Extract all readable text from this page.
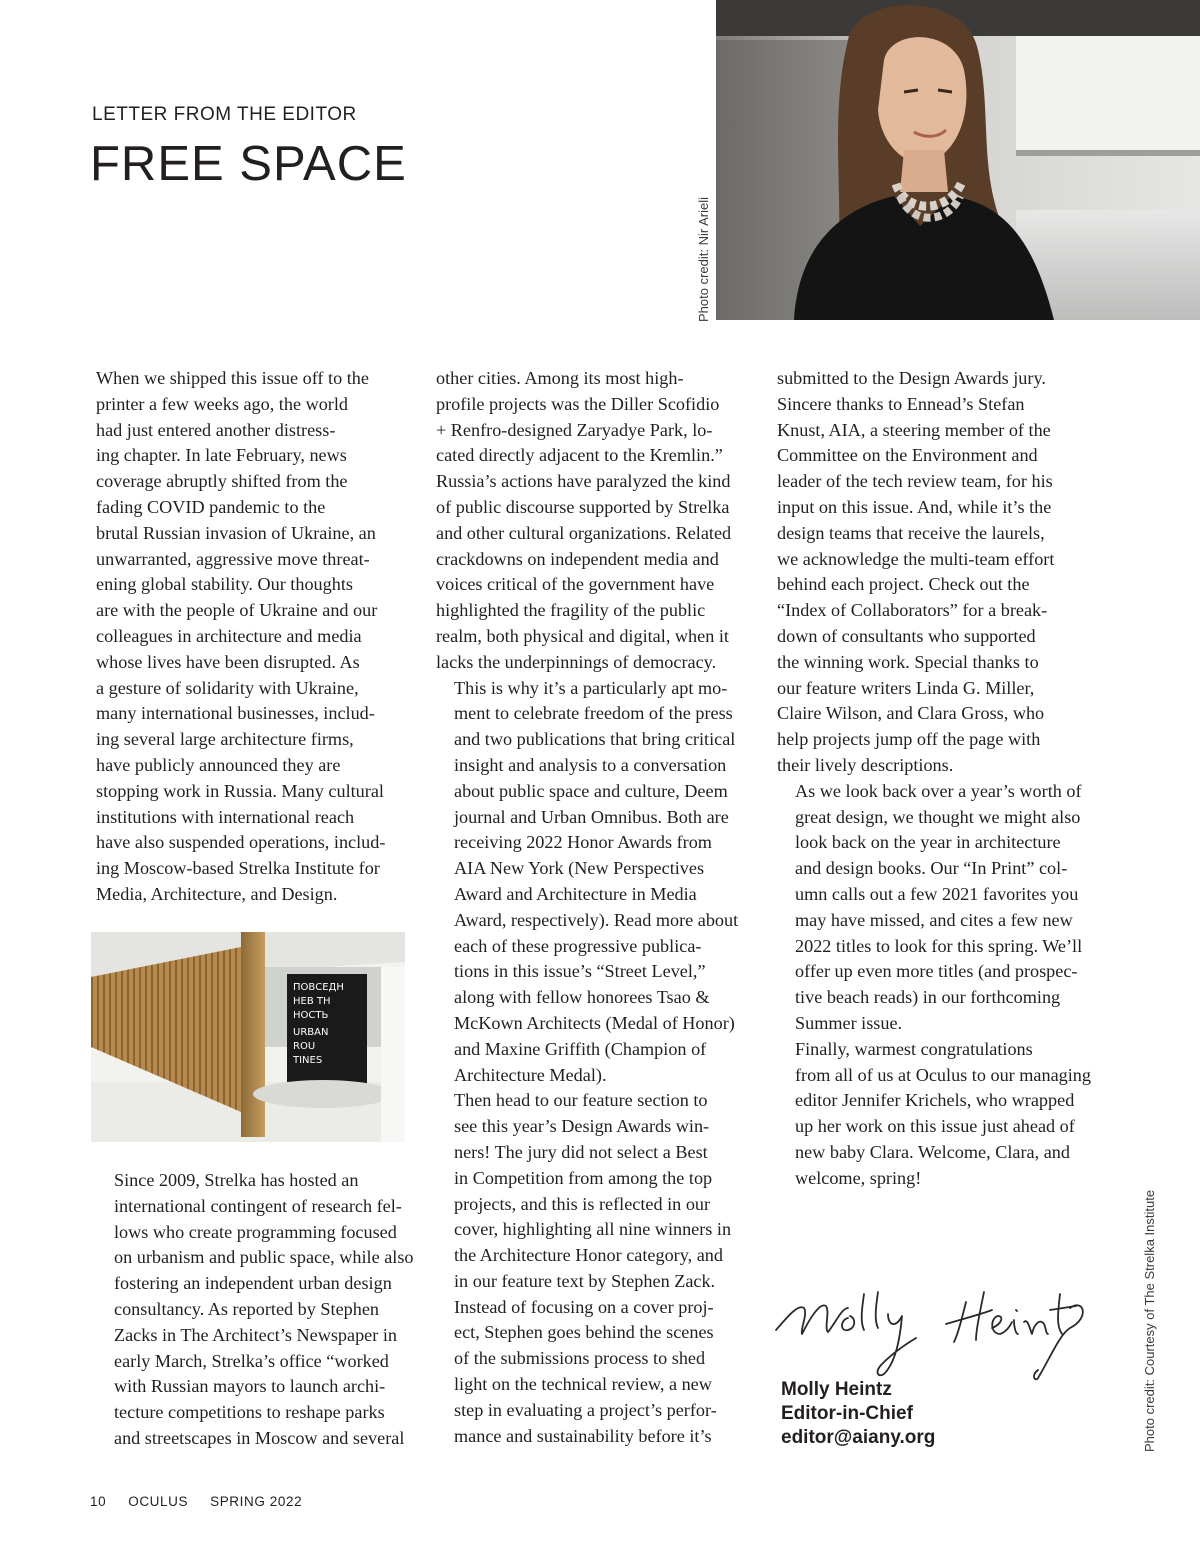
LETTER FROM THE EDITOR
FREE SPACE
Photo credit: Nir Arieli

When we shipped this issue off to the
printer a few weeks ago, the world
had just entered another distress-
ing chapter. In late February, news
coverage abruptly shifted from the
fading COVID pandemic to the
brutal Russian invasion of Ukraine, an
unwarranted, aggressive move threat-
ening global stability. Our thoughts
are with the people of Ukraine and our
colleagues in architecture and media
whose lives have been disrupted. As
a gesture of solidarity with Ukraine,
many international businesses, includ-
ing several large architecture firms,
have publicly announced they are
stopping work in Russia. Many cultural
institutions with international reach
have also suspended operations, includ-
ing Moscow-based Strelka Institute for
Media, Architecture, and Design.

ПОВСЕДН
НЕВ ТН
НОСТЬ
URBAN
ROU
TINES

Since 2009, Strelka has hosted an
international contingent of research fel-
lows who create programming focused
on urbanism and public space, while also
fostering an independent urban design
consultancy. As reported by Stephen
Zacks in The Architect’s Newspaper in
early March, Strelka’s office “worked
with Russian mayors to launch archi-
tecture competitions to reshape parks
and streetscapes in Moscow and several

other cities. Among its most high-
profile projects was the Diller Scofidio
+ Renfro-designed Zaryadye Park, lo-
cated directly adjacent to the Kremlin.”
Russia’s actions have paralyzed the kind
of public discourse supported by Strelka
and other cultural organizations. Related
crackdowns on independent media and
voices critical of the government have
highlighted the fragility of the public
realm, both physical and digital, when it
lacks the underpinnings of democracy.

This is why it’s a particularly apt mo-
ment to celebrate freedom of the press
and two publications that bring critical
insight and analysis to a conversation
about public space and culture, Deem
journal and Urban Omnibus. Both are
receiving 2022 Honor Awards from
AIA New York (New Perspectives
Award and Architecture in Media
Award, respectively). Read more about
each of these progressive publica-
tions in this issue’s “Street Level,”
along with fellow honorees Tsao &
McKown Architects (Medal of Honor)
and Maxine Griffith (Champion of
Architecture Medal).

Then head to our feature section to
see this year’s Design Awards win-
ners! The jury did not select a Best
in Competition from among the top
projects, and this is reflected in our
cover, highlighting all nine winners in
the Architecture Honor category, and
in our feature text by Stephen Zack.
Instead of focusing on a cover proj-
ect, Stephen goes behind the scenes
of the submissions process to shed
light on the technical review, a new
step in evaluating a project’s perfor-
mance and sustainability before it’s

submitted to the Design Awards jury.
Sincere thanks to Ennead’s Stefan
Knust, AIA, a steering member of the
Committee on the Environment and
leader of the tech review team, for his
input on this issue. And, while it’s the
design teams that receive the laurels,
we acknowledge the multi-team effort
behind each project. Check out the
“Index of Collaborators” for a break-
down of consultants who supported
the winning work. Special thanks to
our feature writers Linda G. Miller,
Claire Wilson, and Clara Gross, who
help projects jump off the page with
their lively descriptions.

As we look back over a year’s worth of
great design, we thought we might also
look back on the year in architecture
and design books. Our “In Print” col-
umn calls out a few 2021 favorites you
may have missed, and cites a few new
2022 titles to look for this spring. We’ll
offer up even more titles (and prospec-
tive beach reads) in our forthcoming
Summer issue.

Finally, warmest congratulations
from all of us at Oculus to our managing
editor Jennifer Krichels, who wrapped
up her work on this issue just ahead of
new baby Clara. Welcome, Clara, and
welcome, spring!

Molly Heintz
Molly Heintz
Editor-in-Chief
editor@aiany.org	Photo credit: Courtesy of The Strelka Institute
10 OCULUS SPRING 2022
